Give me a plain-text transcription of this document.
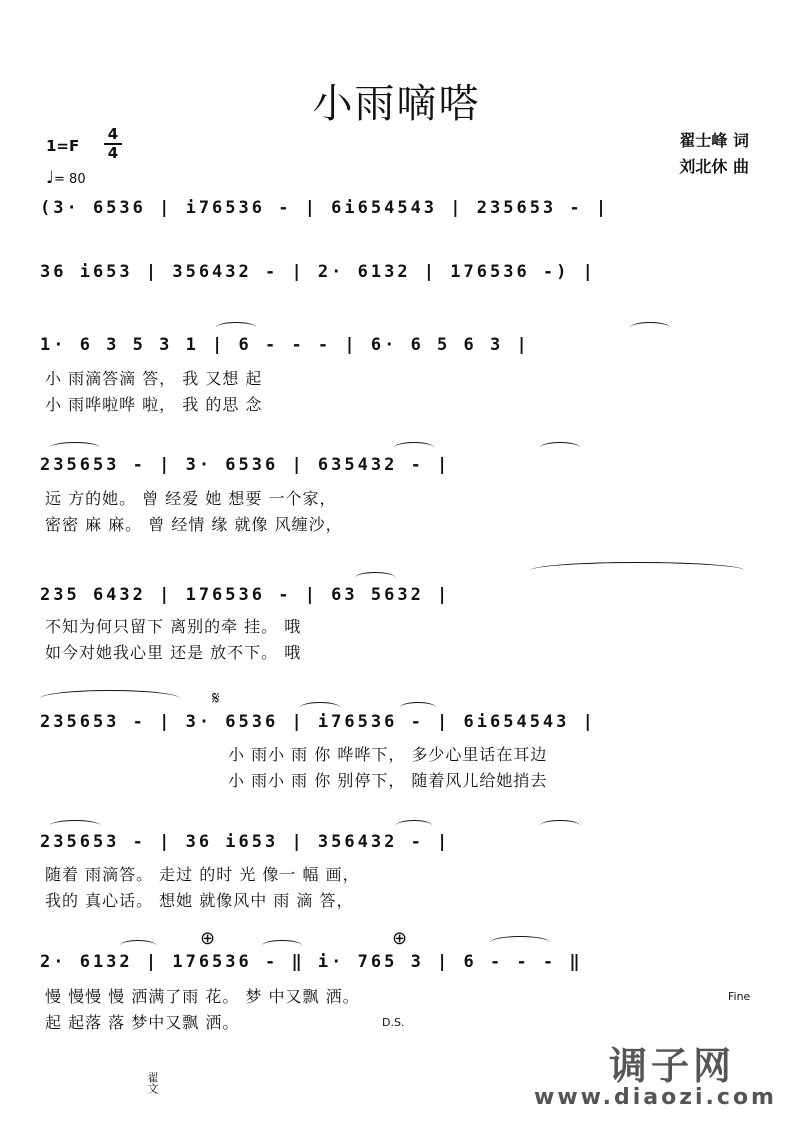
小雨嘀嗒
1=F
4
4
♩= 80
翟士峰 词
刘北休 曲
(3· 6536 | i76536 - | 6i654543 | 235653 - |
36 i653 | 356432 - | 2· 6132 | 176536 -) |
1· 6 3 5 3 1 | 6 - - - | 6· 6 5 6 3 |
小 雨滴答滴 答， 我 又想 起
小 雨哗啦哗 啦， 我 的思 念
235653 - | 3· 6536 | 635432 - |
远 方的她。 曾 经爱 她 想要 一个家，
密密 麻 麻。 曾 经情 缘 就像 风缠沙，
235 6432 | 176536 - | 63 5632 |
不知为何只留下 离别的牵 挂。 哦
如今对她我心里 还是 放不下。 哦
𝄋
235653 - | 3· 6536 | i76536 - | 6i654543 |
小 雨小 雨 你 哗哗下， 多少心里话在耳边
小 雨小 雨 你 别停下， 随着风儿给她捎去
235653 - | 36 i653 | 356432 - |
随着 雨滴答。 走过 的时 光 像一 幅 画，
我的 真心话。 想她 就像风中 雨 滴 答，
⊕	⊕
2· 6132 | 176536 - ‖ i· 765 3 | 6 - - - ‖
慢 慢慢 慢 洒满了雨 花。 梦 中又飘 洒。
起 起落 落 梦中又飘 洒。
Fine
D.S.
翟文	调子网
www.diaozi.com
